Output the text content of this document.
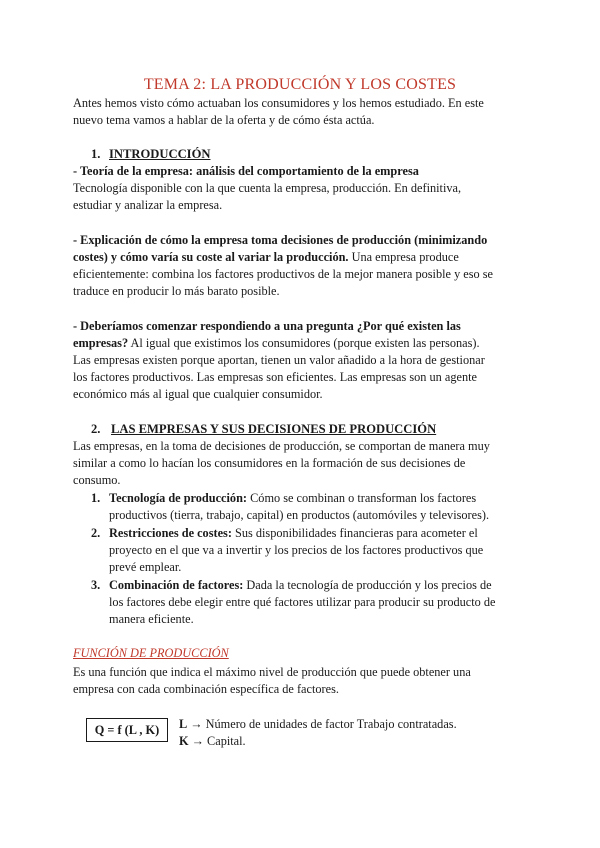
TEMA 2: LA PRODUCCIÓN Y LOS COSTES
Antes hemos visto cómo actuaban los consumidores y los hemos estudiado. En este
nuevo tema vamos a hablar de la oferta y de cómo ésta actúa.
1. INTRODUCCIÓN
- Teoría de la empresa: análisis del comportamiento de la empresa
Tecnología disponible con la que cuenta la empresa, producción. En definitiva,
estudiar y analizar la empresa.
- Explicación de cómo la empresa toma decisiones de producción (minimizando
costes) y cómo varía su coste al variar la producción. Una empresa produce
eficientemente: combina los factores productivos de la mejor manera posible y eso se
traduce en producir lo más barato posible.
- Deberíamos comenzar respondiendo a una pregunta ¿Por qué existen las
empresas? Al igual que existimos los consumidores (porque existen las personas).
Las empresas existen porque aportan, tienen un valor añadido a la hora de gestionar
los factores productivos. Las empresas son eficientes. Las empresas son un agente
económico más al igual que cualquier consumidor.
2. LAS EMPRESAS Y SUS DECISIONES DE PRODUCCIÓN
Las empresas, en la toma de decisiones de producción, se comportan de manera muy
similar a como lo hacían los consumidores en la formación de sus decisiones de
consumo.
1. Tecnología de producción: Cómo se combinan o transforman los factores
productivos (tierra, trabajo, capital) en productos (automóviles y televisores).
2. Restricciones de costes: Sus disponibilidades financieras para acometer el
proyecto en el que va a invertir y los precios de los factores productivos que
prevé emplear.
3. Combinación de factores: Dada la tecnología de producción y los precios de
los factores debe elegir entre qué factores utilizar para producir su producto de
manera eficiente.
FUNCIÓN DE PRODUCCIÓN
Es una función que indica el máximo nivel de producción que puede obtener una
empresa con cada combinación específica de factores.
Q = f (L , K)	L → Número de unidades de factor Trabajo contratadas.
K → Capital.
